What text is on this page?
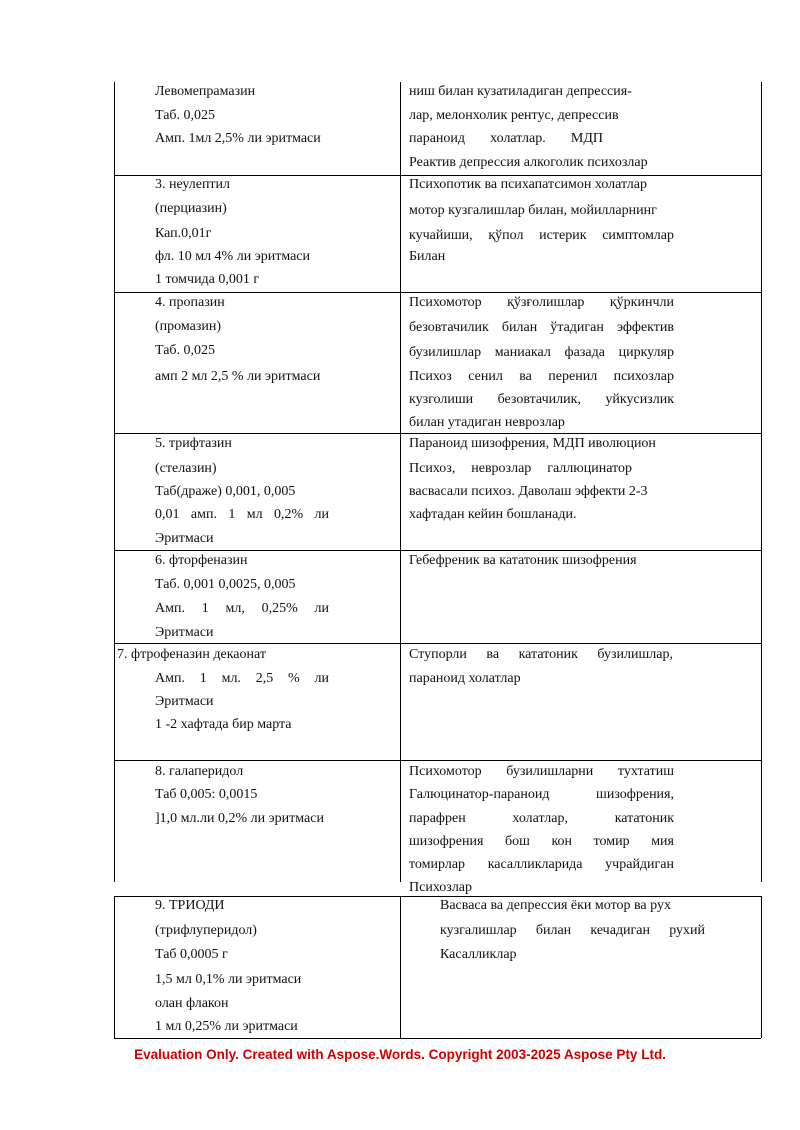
Левомепрамазин
Таб. 0,025
Амп. 1мл 2,5% ли эритмаси
ниш билан кузатиладиган депрессия-
лар, мелонхолик рентус, депрессив
параноид холатлар. МДП
Реактив депрессия алкоголик психозлар
3. неулептил
(перциазин)
Кап.0,01г
фл. 10 мл 4% ли эритмаси
1 томчида 0,001 г
Психопотик ва психапатсимон холатлар
мотор кузгалишлар билан, мойилларнинг
кучайиши, қўпол истерик симптомлар
Билан
4. пропазин
(промазин)
Таб. 0,025
амп 2 мл 2,5 % ли эритмаси
Психомотор қўзғолишлар қўркинчли
безовтачилик билан ўтадиган эффектив
бузилишлар маниакал фазада циркуляр
Психоз сенил ва перенил психозлар
кузголиши безовтачилик, уйкусизлик
билан утадиган неврозлар
5. трифтазин
(стелазин)
Таб(драже) 0,001, 0,005
0,01 амп. 1 мл 0,2% ли
Эритмаси
Параноид шизофрения, МДП иволюцион
Психоз, неврозлар галлюцинатор
васвасали психоз. Даволаш эффекти 2-3
хафтадан кейин бошланади.
6. фторфеназин
Таб. 0,001 0,0025, 0,005
Амп. 1 мл, 0,25% ли
Эритмаси
Гебефреник ва кататоник шизофрения
7. фтрофеназин декаонат
Амп. 1 мл. 2,5 % ли
Эритмаси
1 -2 хафтада бир марта
Ступорли ва кататоник бузилишлар,
параноид холатлар
8. галаперидол
Таб 0,005: 0,0015
]1,0 мл.ли 0,2% ли эритмаси
Психомотор бузилишларни тухтатиш
Галюцинатор-параноид шизофрения,
парафрен холатлар, кататоник
шизофрения бош кон томир мия
томирлар касалликларида учрайдиган
Психозлар
9. ТРИОДИ
(трифлуперидол)
Таб 0,0005 г
1,5 мл 0,1% ли эритмаси
олан флакон
1 мл 0,25% ли эритмаси
Васваса ва депрессия ёки мотор ва рух
кузгалишлар билан кечадиган рухий
Касалликлар
Evaluation Only. Created with Aspose.Words. Copyright 2003-2025 Aspose Pty Ltd.
